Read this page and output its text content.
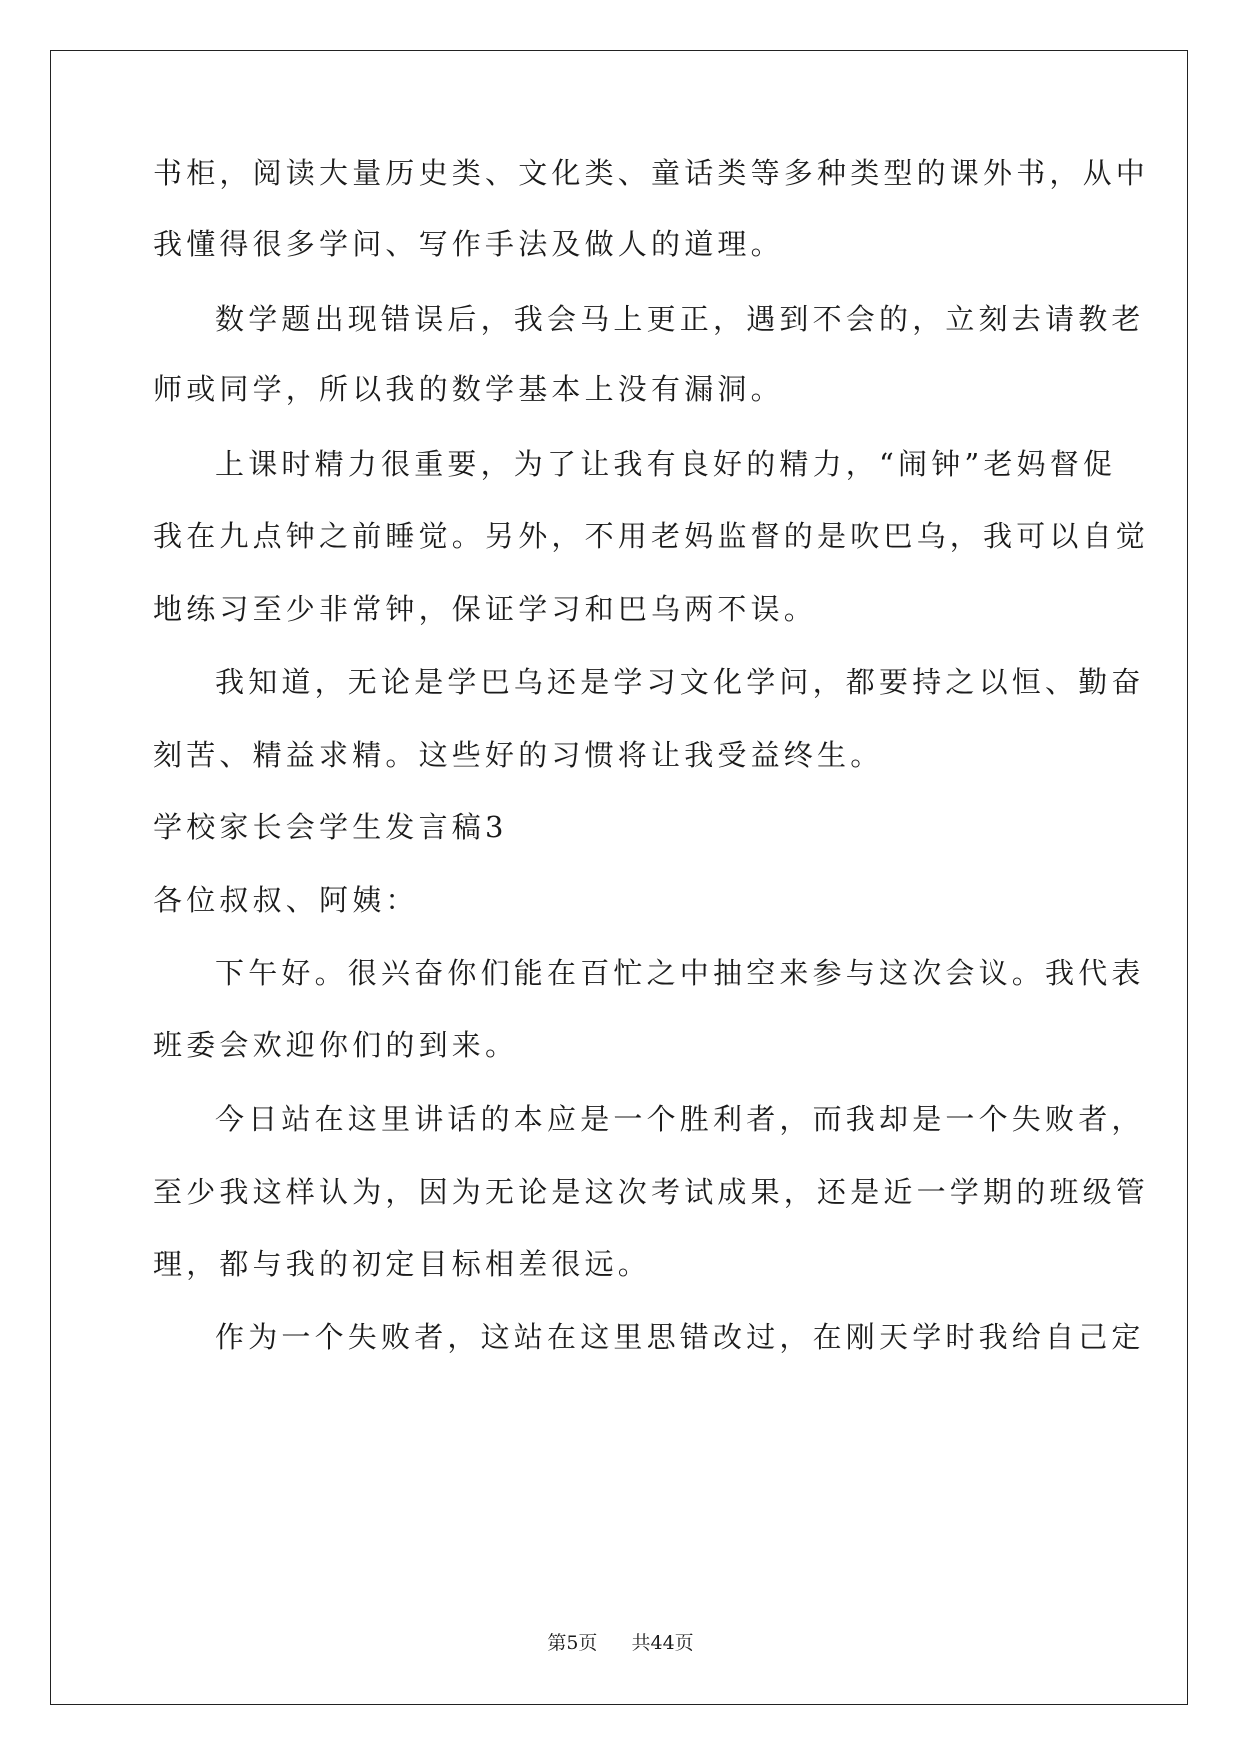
书柜，阅读大量历史类、文化类、童话类等多种类型的课外书，从中
我懂得很多学问、写作手法及做人的道理。
数学题出现错误后，我会马上更正，遇到不会的，立刻去请教老
师或同学，所以我的数学基本上没有漏洞。
上课时精力很重要，为了让我有良好的精力，“闹钟”老妈督促
我在九点钟之前睡觉。另外，不用老妈监督的是吹巴乌，我可以自觉
地练习至少非常钟，保证学习和巴乌两不误。
我知道，无论是学巴乌还是学习文化学问，都要持之以恒、勤奋
刻苦、精益求精。这些好的习惯将让我受益终生。
学校家长会学生发言稿3
各位叔叔、阿姨：
下午好。很兴奋你们能在百忙之中抽空来参与这次会议。我代表
班委会欢迎你们的到来。
今日站在这里讲话的本应是一个胜利者，而我却是一个失败者，
至少我这样认为，因为无论是这次考试成果，还是近一学期的班级管
理，都与我的初定目标相差很远。
作为一个失败者，这站在这里思错改过，在刚天学时我给自己定
第5页 共44页
